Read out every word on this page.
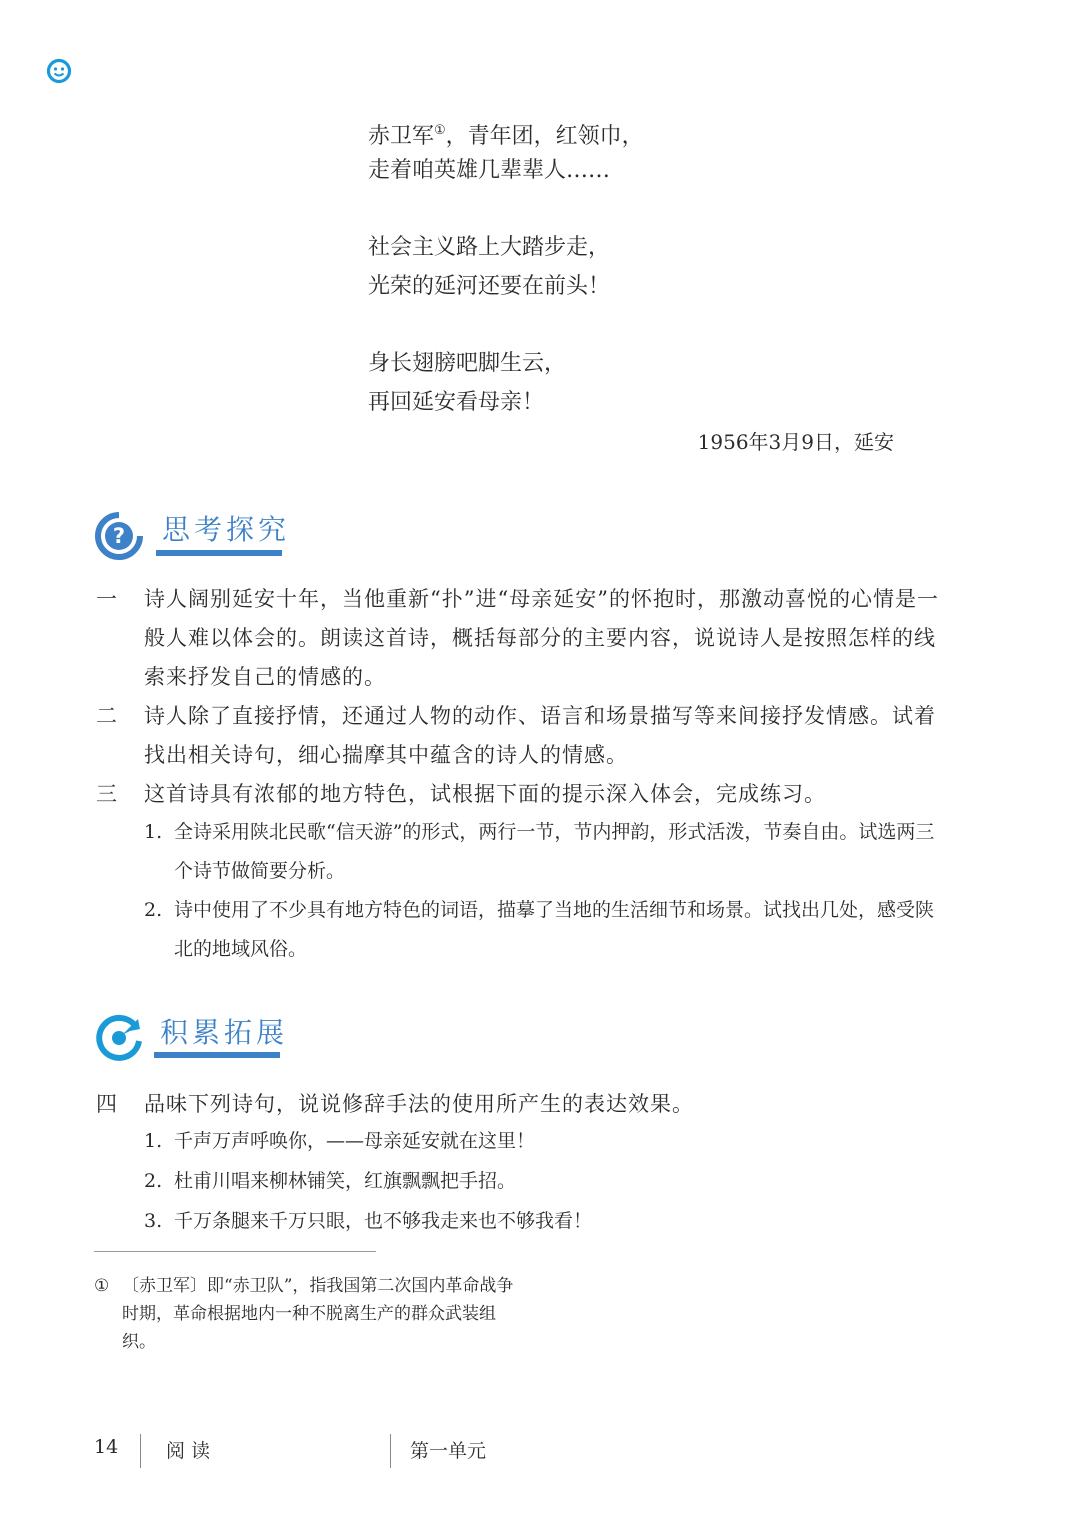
赤卫军①，青年团，红领巾，
走着咱英雄几辈辈人……
社会主义路上大踏步走，
光荣的延河还要在前头！
身长翅膀吧脚生云，
再回延安看母亲！
1956年3月9日，延安
? 思考探究
一	诗人阔别延安十年，当他重新“扑”进“母亲延安”的怀抱时，那激动喜悦的心情是一般人难以体会的。朗读这首诗，概括每部分的主要内容，说说诗人是按照怎样的线索来抒发自己的情感的。
二	诗人除了直接抒情，还通过人物的动作、语言和场景描写等来间接抒发情感。试着找出相关诗句，细心揣摩其中蕴含的诗人的情感。
三	这首诗具有浓郁的地方特色，试根据下面的提示深入体会，完成练习。
1. 全诗采用陕北民歌“信天游”的形式，两行一节，节内押韵，形式活泼，节奏自由。试选两三个诗节做简要分析。
2. 诗中使用了不少具有地方特色的词语，描摹了当地的生活细节和场景。试找出几处，感受陕北的地域风俗。
积累拓展
四	品味下列诗句，说说修辞手法的使用所产生的表达效果。
1. 千声万声呼唤你，——母亲延安就在这里！
2. 杜甫川唱来柳林铺笑，红旗飘飘把手招。
3. 千万条腿来千万只眼，也不够我走来也不够我看！
① 〔赤卫军〕即“赤卫队”，指我国第二次国内革命战争时期，革命根据地内一种不脱离生产的群众武装组织。
14	阅 读	第一单元
